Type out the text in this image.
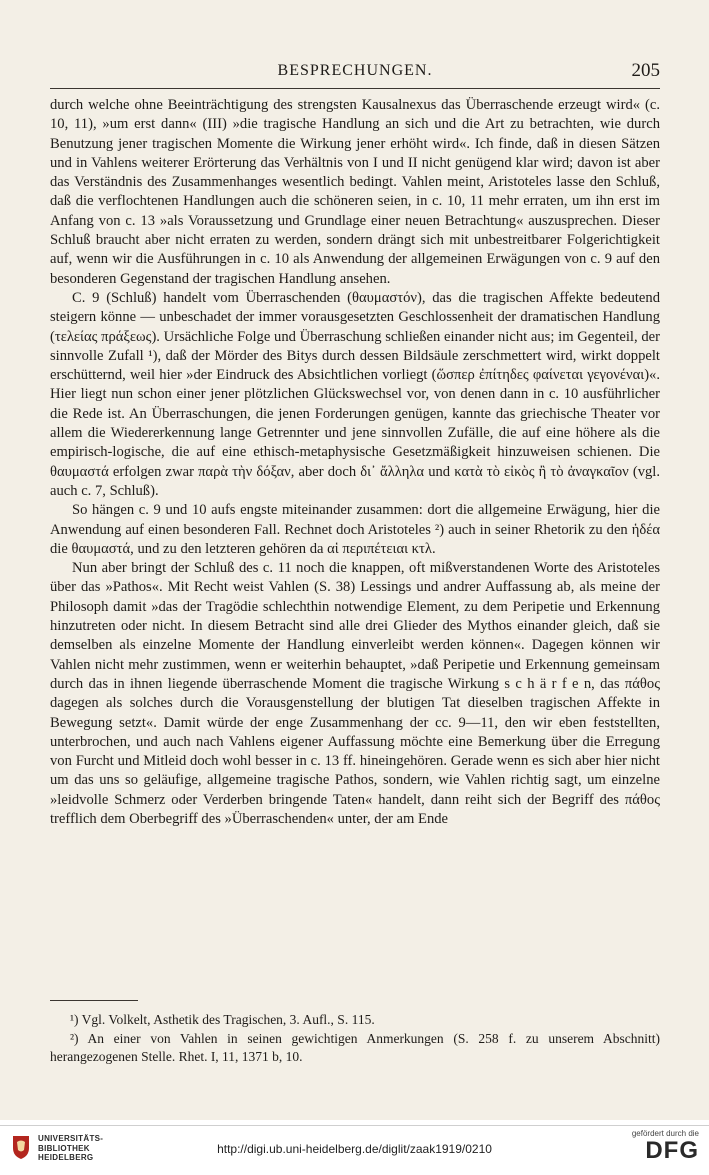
BESPRECHUNGEN.	205

durch welche ohne Beeinträchtigung des strengsten Kausalnexus das Überraschende erzeugt wird« (c. 10, 11), »um erst dann« (III) »die tragische Handlung an sich und die Art zu betrachten, wie durch Benutzung jener tragischen Momente die Wirkung jener erhöht wird«. Ich finde, daß in diesen Sätzen und in Vahlens weiterer Erörterung das Verhältnis von I und II nicht genügend klar wird; davon ist aber das Verständnis des Zusammenhanges wesentlich bedingt. Vahlen meint, Aristoteles lasse den Schluß, daß die verflochtenen Handlungen auch die schöneren seien, in c. 10, 11 mehr erraten, um ihn erst im Anfang von c. 13 »als Voraussetzung und Grundlage einer neuen Betrachtung« auszusprechen. Dieser Schluß braucht aber nicht erraten zu werden, sondern drängt sich mit unbestreitbarer Folgerichtigkeit auf, wenn wir die Ausführungen in c. 10 als Anwendung der allgemeinen Erwägungen von c. 9 auf den besonderen Gegenstand der tragischen Handlung ansehen.

C. 9 (Schluß) handelt vom Überraschenden (θαυμαστόν), das die tragischen Affekte bedeutend steigern könne — unbeschadet der immer vorausgesetzten Geschlossenheit der dramatischen Handlung (τελείας πράξεως). Ursächliche Folge und Überraschung schließen einander nicht aus; im Gegenteil, der sinnvolle Zufall ¹), daß der Mörder des Bitys durch dessen Bildsäule zerschmettert wird, wirkt doppelt erschütternd, weil hier »der Eindruck des Absichtlichen vorliegt (ὥσπερ ἐπίτηδες φαίνεται γεγονέναι)«. Hier liegt nun schon einer jener plötzlichen Glückswechsel vor, von denen dann in c. 10 ausführlicher die Rede ist. An Überraschungen, die jenen Forderungen genügen, kannte das griechische Theater vor allem die Wiedererkennung lange Getrennter und jene sinnvollen Zufälle, die auf eine höhere als die empirisch-logische, die auf eine ethisch-metaphysische Gesetzmäßigkeit hinzuweisen schienen. Die θαυμαστά erfolgen zwar παρὰ τὴν δόξαν, aber doch δι᾽ ἄλληλα und κατὰ τὸ εἰκὸς ἢ τὸ ἀναγκαῖον (vgl. auch c. 7, Schluß).

So hängen c. 9 und 10 aufs engste miteinander zusammen: dort die allgemeine Erwägung, hier die Anwendung auf einen besonderen Fall. Rechnet doch Aristoteles ²) auch in seiner Rhetorik zu den ἡδέα die θαυμαστά, und zu den letzteren gehören da αἱ περιπέτειαι κτλ.

Nun aber bringt der Schluß des c. 11 noch die knappen, oft mißverstandenen Worte des Aristoteles über das »Pathos«. Mit Recht weist Vahlen (S. 38) Lessings und andrer Auffassung ab, als meine der Philosoph damit »das der Tragödie schlechthin notwendige Element, zu dem Peripetie und Erkennung hinzutreten oder nicht. In diesem Betracht sind alle drei Glieder des Mythos einander gleich, daß sie demselben als einzelne Momente der Handlung einverleibt werden können«. Dagegen können wir Vahlen nicht mehr zustimmen, wenn er weiterhin behauptet, »daß Peripetie und Erkennung gemeinsam durch das in ihnen liegende überraschende Moment die tragische Wirkung s c h ä r f e n, das πάθος dagegen als solches durch die Vorausgenstellung der blutigen Tat dieselben tragischen Affekte in Bewegung setzt«. Damit würde der enge Zusammenhang der cc. 9—11, den wir eben feststellten, unterbrochen, und auch nach Vahlens eigener Auffassung möchte eine Bemerkung über die Erregung von Furcht und Mitleid doch wohl besser in c. 13 ff. hineingehören. Gerade wenn es sich aber hier nicht um das uns so geläufige, allgemeine tragische Pathos, sondern, wie Vahlen richtig sagt, um einzelne »leidvolle Schmerz oder Verderben bringende Taten« handelt, dann reiht sich der Begriff des πάθος trefflich dem Oberbegriff des »Überraschenden« unter, der am Ende

¹) Vgl. Volkelt, Asthetik des Tragischen, 3. Aufl., S. 115.

²) An einer von Vahlen in seinen gewichtigen Anmerkungen (S. 258 f. zu unserem Abschnitt) herangezogenen Stelle. Rhet. I, 11, 1371 b, 10.

UNIVERSITÄTS-
BIBLIOTHEK
HEIDELBERG
http://digi.ub.uni-heidelberg.de/diglit/zaak1919/0210
gefördert durch die
DFG
